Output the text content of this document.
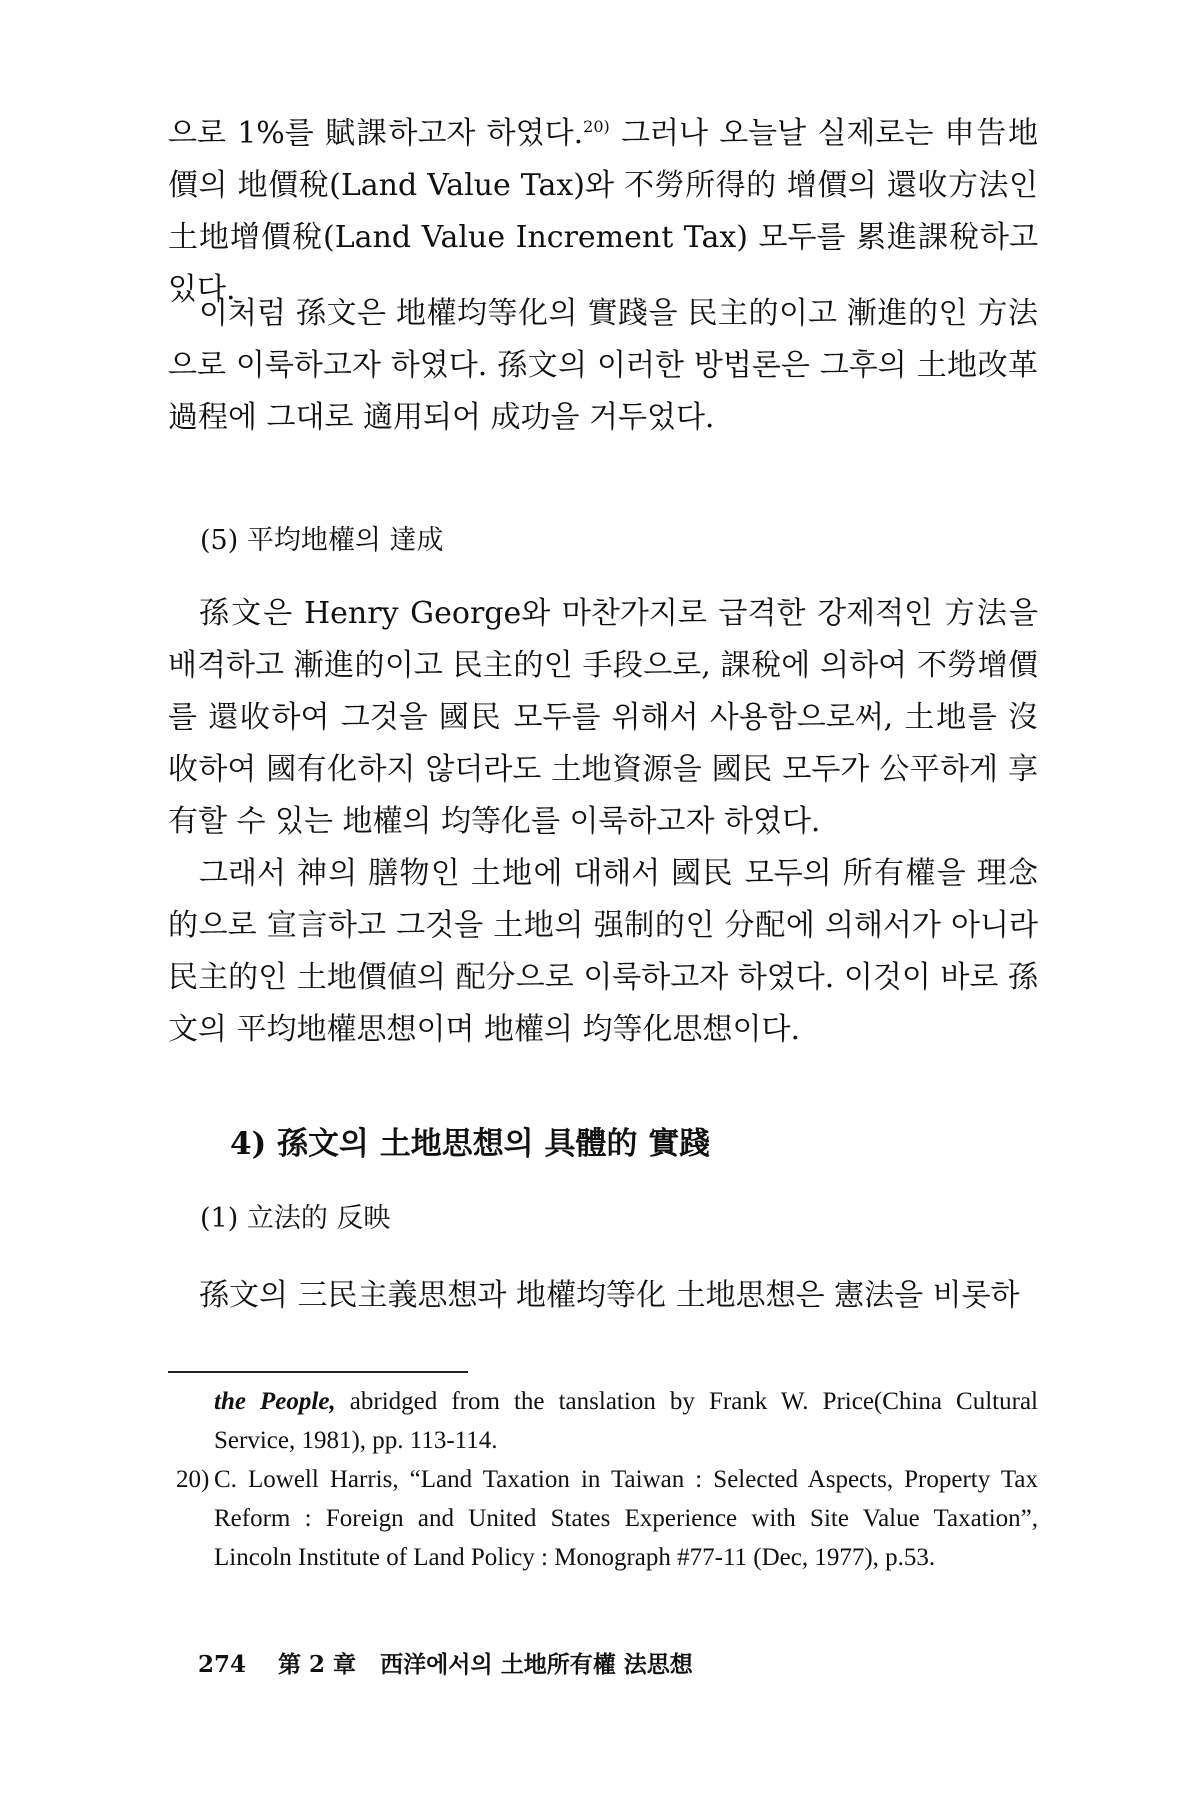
으로 1%를 賦課하고자 하였다.$^{20)}$ 그러나 오늘날 실제로는 申告地價의 地價稅(Land Value Tax)와 不勞所得的 增價의 還收方法인 土地增價稅(Land Value Increment Tax) 모두를 累進課稅하고 있다.

이처럼 孫文은 地權均等化의 實踐을 民主的이고 漸進的인 方法으로 이룩하고자 하였다. 孫文의 이러한 방법론은 그후의 土地改革過程에 그대로 適用되어 成功을 거두었다.

(5) 平均地權의 達成

孫文은 Henry George와 마찬가지로 급격한 강제적인 方法을 배격하고 漸進的이고 民主的인 手段으로, 課稅에 의하여 不勞增價를 還收하여 그것을 國民 모두를 위해서 사용함으로써, 土地를 沒收하여 國有化하지 않더라도 土地資源을 國民 모두가 公平하게 享有할 수 있는 地權의 均等化를 이룩하고자 하였다.

그래서 神의 膳物인 土地에 대해서 國民 모두의 所有權을 理念的으로 宣言하고 그것을 土地의 强制的인 分配에 의해서가 아니라 民主的인 土地價値의 配分으로 이룩하고자 하였다. 이것이 바로 孫文의 平均地權思想이며 地權의 均等化思想이다.

4) 孫文의 土地思想의 具體的 實踐
(1) 立法的 反映

孫文의 三民主義思想과 地權均等化 土地思想은 憲法을 비롯하

the People, abridged from the tanslation by Frank W. Price(China Cultural Service, 1981), pp. 113-114.
20) C. Lowell Harris, “Land Taxation in Taiwan : Selected Aspects, Property Tax Reform : Foreign and United States Experience with Site Value Taxation”, Lincoln Institute of Land Policy : Monograph #77-11 (Dec, 1977), p.53.
274 第 2 章 西洋에서의 土地所有權 法思想
